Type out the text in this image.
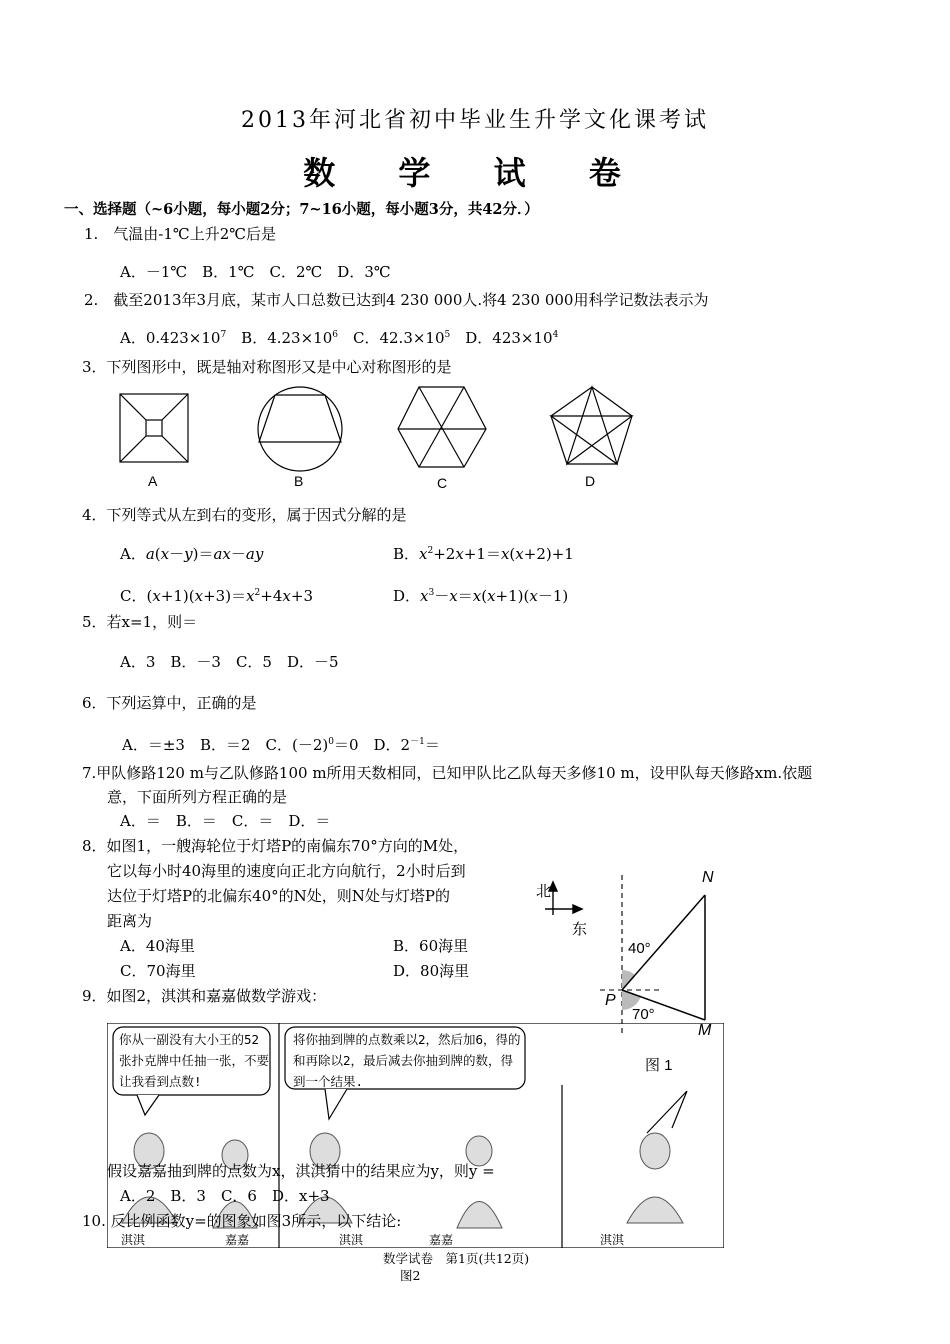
2013年河北省初中毕业生升学文化课考试
数 学 试 卷
一、选择题（~6小题，每小题2分；7~16小题，每小题3分，共42分．）
1.　气温由-1℃上升2℃后是
A．－1℃　B．1℃　C．2℃　D．3℃
2.　截至2013年3月底，某市人口总数已达到4 230 000人.将4 230 000用科学记数法表示为
A．$0.423\times 10^7$　B．$4.23\times 10^6$　C．$42.3\times 10^5$　D．$423\times 10^4$
3．下列图形中，既是轴对称图形又是中心对称图形的是
A	B	C	D
4．下列等式从左到右的变形，属于因式分解的是
A．a(x－y)＝ax－ay	B．$x^2+2x+1=x(x+2)+1$
C．$(x+1)(x+3)=x^2+4x+3$	D．$x^3-x=x(x+1)(x-1)$
5．若x=1，则＝
A．3　B．－3　C．5　D．－5
6．下列运算中，正确的是
A．＝±3　B．＝2　C．$(-2)^0=0$　D．$2^{-1}=$
7.甲队修路120 m与乙队修路100 m所用天数相同，已知甲队比乙队每天多修10 m，设甲队每天修路xm.依题
意，下面所列方程正确的是
A．＝　B．＝　C．＝　D．＝
8．如图1，一艘海轮位于灯塔P的南偏东70°方向的M处，
它以每小时40海里的速度向正北方向航行，2小时后到
达位于灯塔P的北偏东40°的N处，则N处与灯塔P的
距离为
A．40海里	B．60海里
C．70海里	D．80海里
北
东
N
P
M
40°
70°
图 1
9．如图2，淇淇和嘉嘉做数学游戏：
你从一副没有大小王的52张扑克牌中任抽一张，不要让我看到点数!
将你抽到牌的点数乘以2，然后加6，得的和再除以2，最后减去你抽到牌的数，得到一个结果.
淇淇	嘉嘉	淇淇	嘉嘉	淇淇
假设嘉嘉抽到牌的点数为x，淇淇猜中的结果应为y，则y =
A．2　B．3　C．6　D．x+3
10. 反比例函数y=的图象如图3所示，以下结论:
数学试卷　第1页(共12页)
图2
